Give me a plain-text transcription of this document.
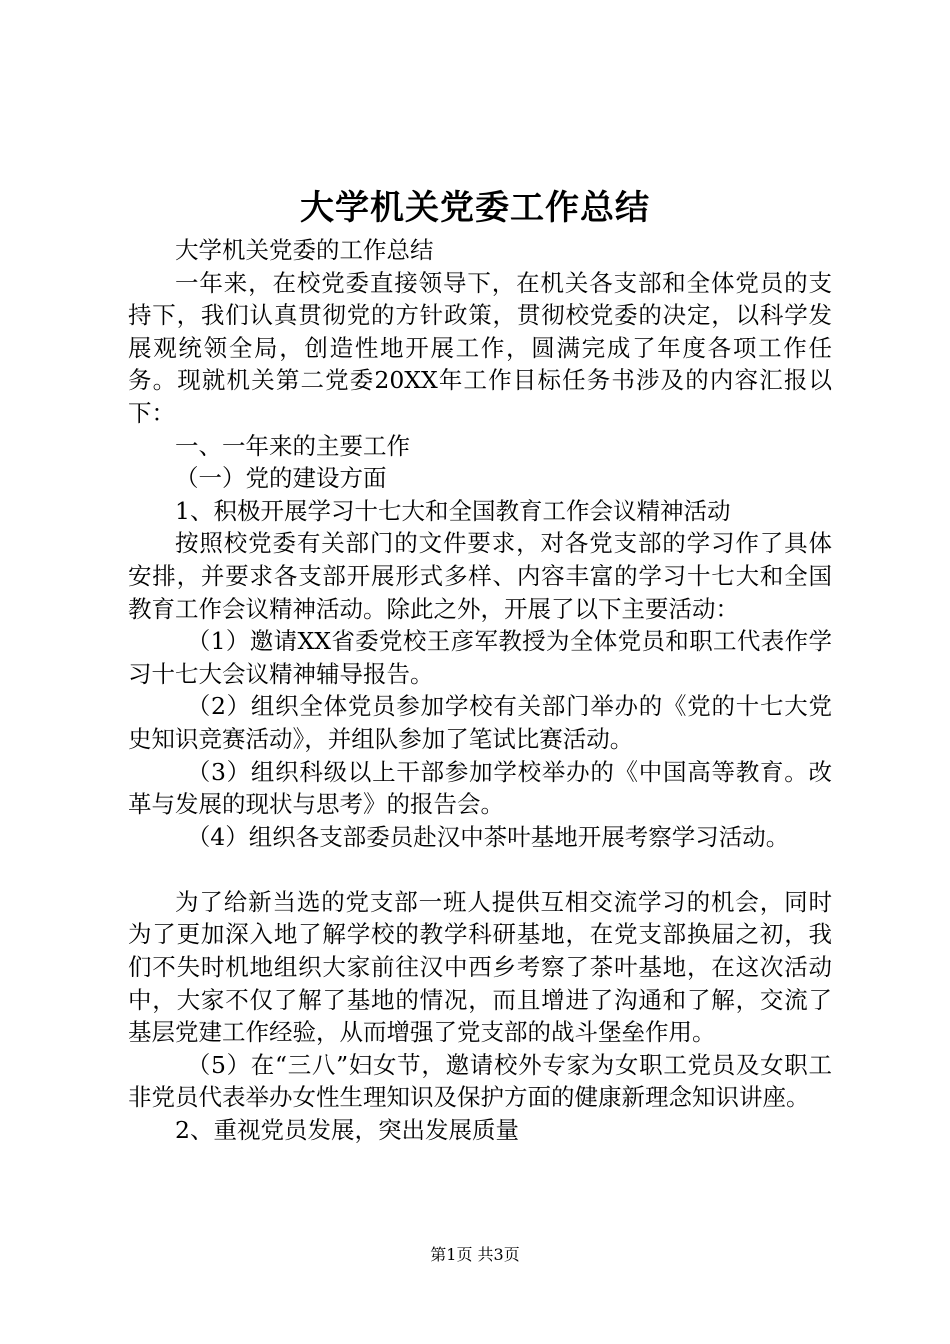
大学机关党委工作总结

大学机关党委的工作总结

一年来，在校党委直接领导下，在机关各支部和全体党员的支持下，我们认真贯彻党的方针政策，贯彻校党委的决定，以科学发展观统领全局，创造性地开展工作，圆满完成了年度各项工作任务。现就机关第二党委20XX年工作目标任务书涉及的内容汇报以下：

一、一年来的主要工作

（一）党的建设方面

1、积极开展学习十七大和全国教育工作会议精神活动

按照校党委有关部门的文件要求，对各党支部的学习作了具体安排，并要求各支部开展形式多样、内容丰富的学习十七大和全国教育工作会议精神活动。除此之外，开展了以下主要活动：

（1）邀请XX省委党校王彦军教授为全体党员和职工代表作学习十七大会议精神辅导报告。

（2）组织全体党员参加学校有关部门举办的《党的十七大党史知识竞赛活动》，并组队参加了笔试比赛活动。

（3）组织科级以上干部参加学校举办的《中国高等教育。改革与发展的现状与思考》的报告会。

（4）组织各支部委员赴汉中茶叶基地开展考察学习活动。

为了给新当选的党支部一班人提供互相交流学习的机会，同时为了更加深入地了解学校的教学科研基地，在党支部换届之初，我们不失时机地组织大家前往汉中西乡考察了茶叶基地，在这次活动中，大家不仅了解了基地的情况，而且增进了沟通和了解，交流了基层党建工作经验，从而增强了党支部的战斗堡垒作用。

（5）在“三八”妇女节，邀请校外专家为女职工党员及女职工非党员代表举办女性生理知识及保护方面的健康新理念知识讲座。

2、重视党员发展，突出发展质量

第1页 共3页
